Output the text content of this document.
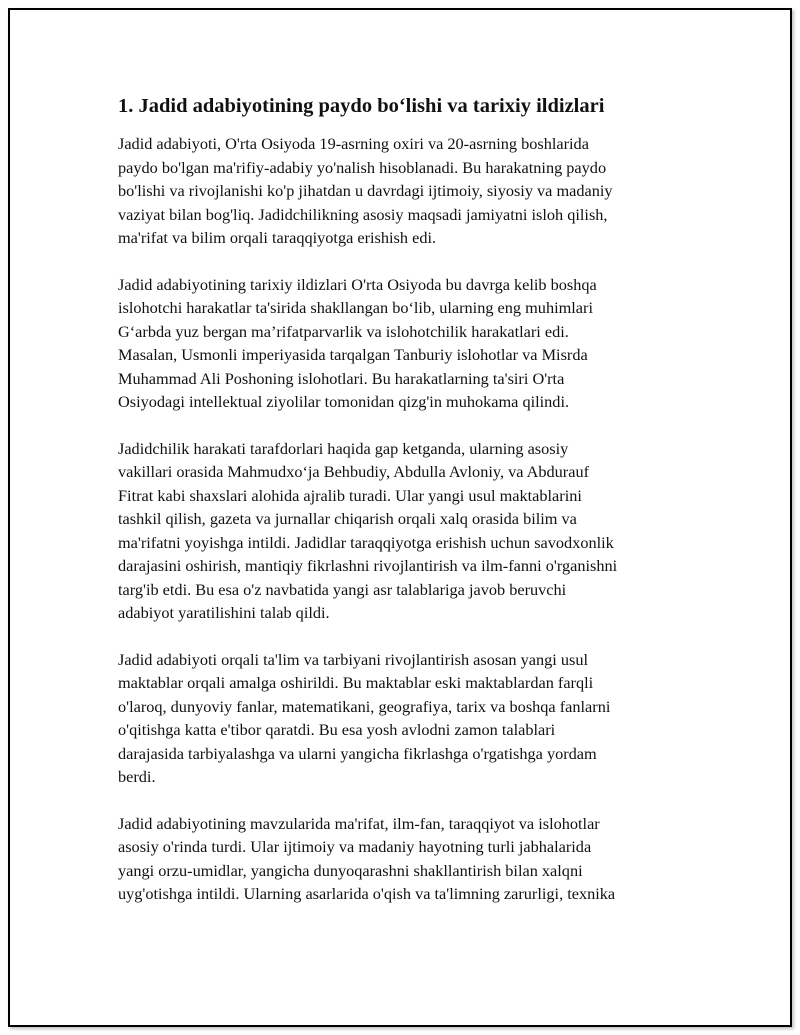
1. Jadid adabiyotining paydo bo‘lishi va tarixiy ildizlari
Jadid adabiyoti, O'rta Osiyoda 19-asrning oxiri va 20-asrning boshlarida
paydo bo'lgan ma'rifiy-adabiy yo'nalish hisoblanadi. Bu harakatning paydo
bo'lishi va rivojlanishi ko'p jihatdan u davrdagi ijtimoiy, siyosiy va madaniy
vaziyat bilan bog'liq. Jadidchilikning asosiy maqsadi jamiyatni isloh qilish,
ma'rifat va bilim orqali taraqqiyotga erishish edi.
Jadid adabiyotining tarixiy ildizlari O'rta Osiyoda bu davrga kelib boshqa
islohotchi harakatlar ta'sirida shakllangan bo‘lib, ularning eng muhimlari
G‘arbda yuz bergan ma’rifatparvarlik va islohotchilik harakatlari edi.
Masalan, Usmonli imperiyasida tarqalgan Tanburiy islohotlar va Misrda
Muhammad Ali Poshoning islohotlari. Bu harakatlarning ta'siri O'rta
Osiyodagi intellektual ziyolilar tomonidan qizg'in muhokama qilindi.
Jadidchilik harakati tarafdorlari haqida gap ketganda, ularning asosiy
vakillari orasida Mahmudxo‘ja Behbudiy, Abdulla Avloniy, va Abdurauf
Fitrat kabi shaxslari alohida ajralib turadi. Ular yangi usul maktablarini
tashkil qilish, gazeta va jurnallar chiqarish orqali xalq orasida bilim va
ma'rifatni yoyishga intildi. Jadidlar taraqqiyotga erishish uchun savodxonlik
darajasini oshirish, mantiqiy fikrlashni rivojlantirish va ilm-fanni o'rganishni
targ'ib etdi. Bu esa o'z navbatida yangi asr talablariga javob beruvchi
adabiyot yaratilishini talab qildi.
Jadid adabiyoti orqali ta'lim va tarbiyani rivojlantirish asosan yangi usul
maktablar orqali amalga oshirildi. Bu maktablar eski maktablardan farqli
o'laroq, dunyoviy fanlar, matematikani, geografiya, tarix va boshqa fanlarni
o'qitishga katta e'tibor qaratdi. Bu esa yosh avlodni zamon talablari
darajasida tarbiyalashga va ularni yangicha fikrlashga o'rgatishga yordam
berdi.
Jadid adabiyotining mavzularida ma'rifat, ilm-fan, taraqqiyot va islohotlar
asosiy o'rinda turdi. Ular ijtimoiy va madaniy hayotning turli jabhalarida
yangi orzu-umidlar, yangicha dunyoqarashni shakllantirish bilan xalqni
uyg'otishga intildi. Ularning asarlarida o'qish va ta'limning zarurligi, texnika
